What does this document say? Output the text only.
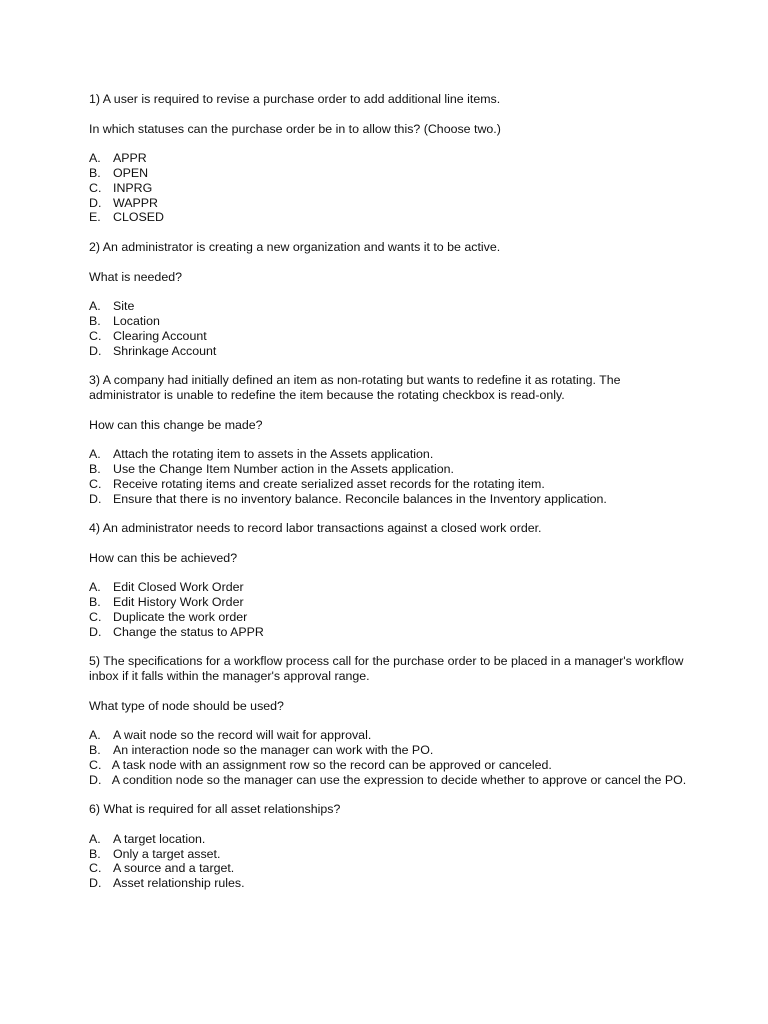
1) A user is required to revise a purchase order to add additional line items.

In which statuses can the purchase order be in to allow this? (Choose two.)

A. APPR
B. OPEN
C. INPRG
D. WAPPR
E. CLOSED

2) An administrator is creating a new organization and wants it to be active.

What is needed?

A. Site
B. Location
C. Clearing Account
D. Shrinkage Account

3) A company had initially defined an item as non-rotating but wants to redefine it as rotating. The administrator is unable to redefine the item because the rotating checkbox is read-only.

How can this change be made?

A. Attach the rotating item to assets in the Assets application.
B. Use the Change Item Number action in the Assets application.
C. Receive rotating items and create serialized asset records for the rotating item.
D. Ensure that there is no inventory balance. Reconcile balances in the Inventory application.

4) An administrator needs to record labor transactions against a closed work order.

How can this be achieved?

A. Edit Closed Work Order
B. Edit History Work Order
C. Duplicate the work order
D. Change the status to APPR

5) The specifications for a workflow process call for the purchase order to be placed in a manager's workflow inbox if it falls within the manager's approval range.

What type of node should be used?

A. A wait node so the record will wait for approval.
B. An interaction node so the manager can work with the PO.
C. A task node with an assignment row so the record can be approved or canceled.
D. A condition node so the manager can use the expression to decide whether to approve or cancel the PO.

6) What is required for all asset relationships?

A. A target location.
B. Only a target asset.
C. A source and a target.
D. Asset relationship rules.
